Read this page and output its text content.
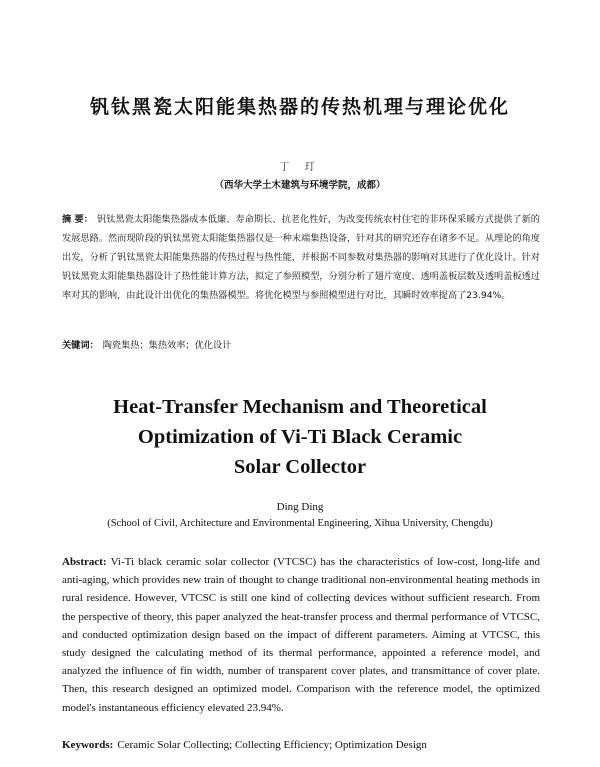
钒钛黑瓷太阳能集热器的传热机理与理论优化
丁 玎
（西华大学土木建筑与环境学院，成都）
摘 要： 钒钛黑瓷太阳能集热器成本低廉、寿命期长、抗老化性好，为改变传统农村住宅的非环保采暖方式提供了新的发展思路。然而现阶段的钒钛黑瓷太阳能集热器仅是一种末端集热设备，针对其的研究还存在诸多不足。从理论的角度出发，分析了钒钛黑瓷太阳能集热器的传热过程与热性能，并根据不同参数对集热器的影响对其进行了优化设计。针对钒钛黑瓷太阳能集热器设计了热性能计算方法，拟定了参照模型，分别分析了翅片宽度、透明盖板层数及透明盖板透过率对其的影响，由此设计出优化的集热器模型。将优化模型与参照模型进行对比，其瞬时效率提高了23.94%。
关键词： 陶瓷集热；集热效率；优化设计
Heat-Transfer Mechanism and Theoretical
Optimization of Vi-Ti Black Ceramic
Solar Collector
Ding Ding
(School of Civil, Architecture and Environmental Engineering, Xihua University, Chengdu)
Abstract: Vi-Ti black ceramic solar collector (VTCSC) has the characteristics of low-cost, long-life and anti-aging, which provides new train of thought to change traditional non-environmental heating methods in rural residence. However, VTCSC is still one kind of collecting devices without sufficient research. From the perspective of theory, this paper analyzed the heat-transfer process and thermal performance of VTCSC, and conducted optimization design based on the impact of different parameters. Aiming at VTCSC, this study designed the calculating method of its thermal performance, appointed a reference model, and analyzed the influence of fin width, number of transparent cover plates, and transmittance of cover plate. Then, this research designed an optimized model. Comparison with the reference model, the optimized model's instantaneous efficiency elevated 23.94%.
Keywords: Ceramic Solar Collecting; Collecting Efficiency; Optimization Design
